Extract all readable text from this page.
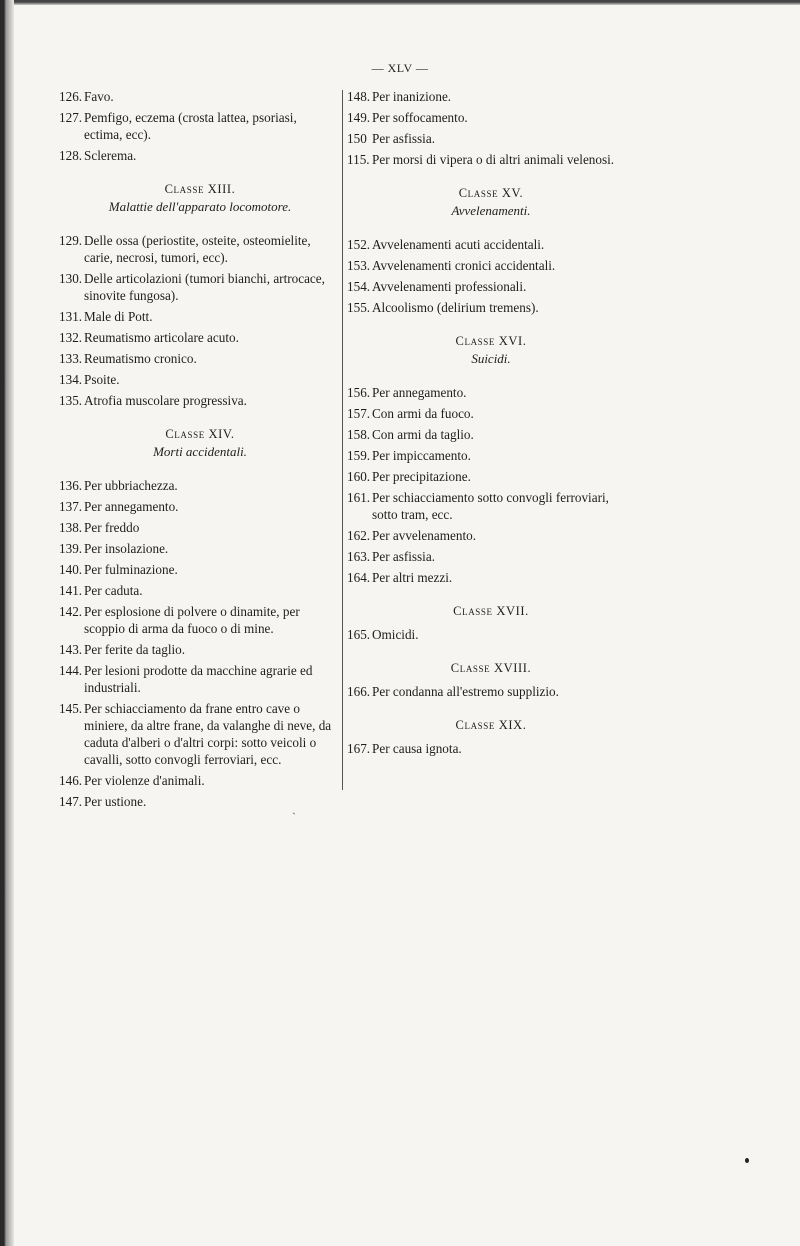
— XLV —
126. Favo.
127. Pemfigo, eczema (crosta lattea, psoriasi, ectima, ecc).
128. Sclerema.
Classe XIII.
Malattie dell'apparato locomotore.
129. Delle ossa (periostite, osteite, osteomielite, carie, necrosi, tumori, ecc).
130. Delle articolazioni (tumori bianchi, artrocace, sinovite fungosa).
131. Male di Pott.
132. Reumatismo articolare acuto.
133. Reumatismo cronico.
134. Psoite.
135. Atrofia muscolare progressiva.
Classe XIV.
Morti accidentali.
136. Per ubbriachezza.
137. Per annegamento.
138. Per freddo
139. Per insolazione.
140. Per fulminazione.
141. Per caduta.
142. Per esplosione di polvere o dinamite, per scoppio di arma da fuoco o di mine.
143. Per ferite da taglio.
144. Per lesioni prodotte da macchine agrarie ed industriali.
145. Per schiacciamento da frane entro cave o miniere, da altre frane, da valanghe di neve, da caduta d'alberi o d'altri corpi: sotto veicoli o cavalli, sotto convogli ferroviari, ecc.
146. Per violenze d'animali.
147. Per ustione.
148. Per inanizione.
149. Per soffocamento.
150 Per asfissia.
115. Per morsi di vipera o di altri animali velenosi.
Classe XV.
Avvelenamenti.
152. Avvelenamenti acuti accidentali.
153. Avvelenamenti cronici accidentali.
154. Avvelenamenti professionali.
155. Alcoolismo (delirium tremens).
Classe XVI.
Suicidi.
156. Per annegamento.
157. Con armi da fuoco.
158. Con armi da taglio.
159. Per impiccamento.
160. Per precipitazione.
161. Per schiacciamento sotto convogli ferroviari, sotto tram, ecc.
162. Per avvelenamento.
163. Per asfissia.
164. Per altri mezzi.
Classe XVII.
165. Omicidi.
Classe XVIII.
166. Per condanna all'estremo supplizio.
Classe XIX.
167. Per causa ignota.
ˏ
